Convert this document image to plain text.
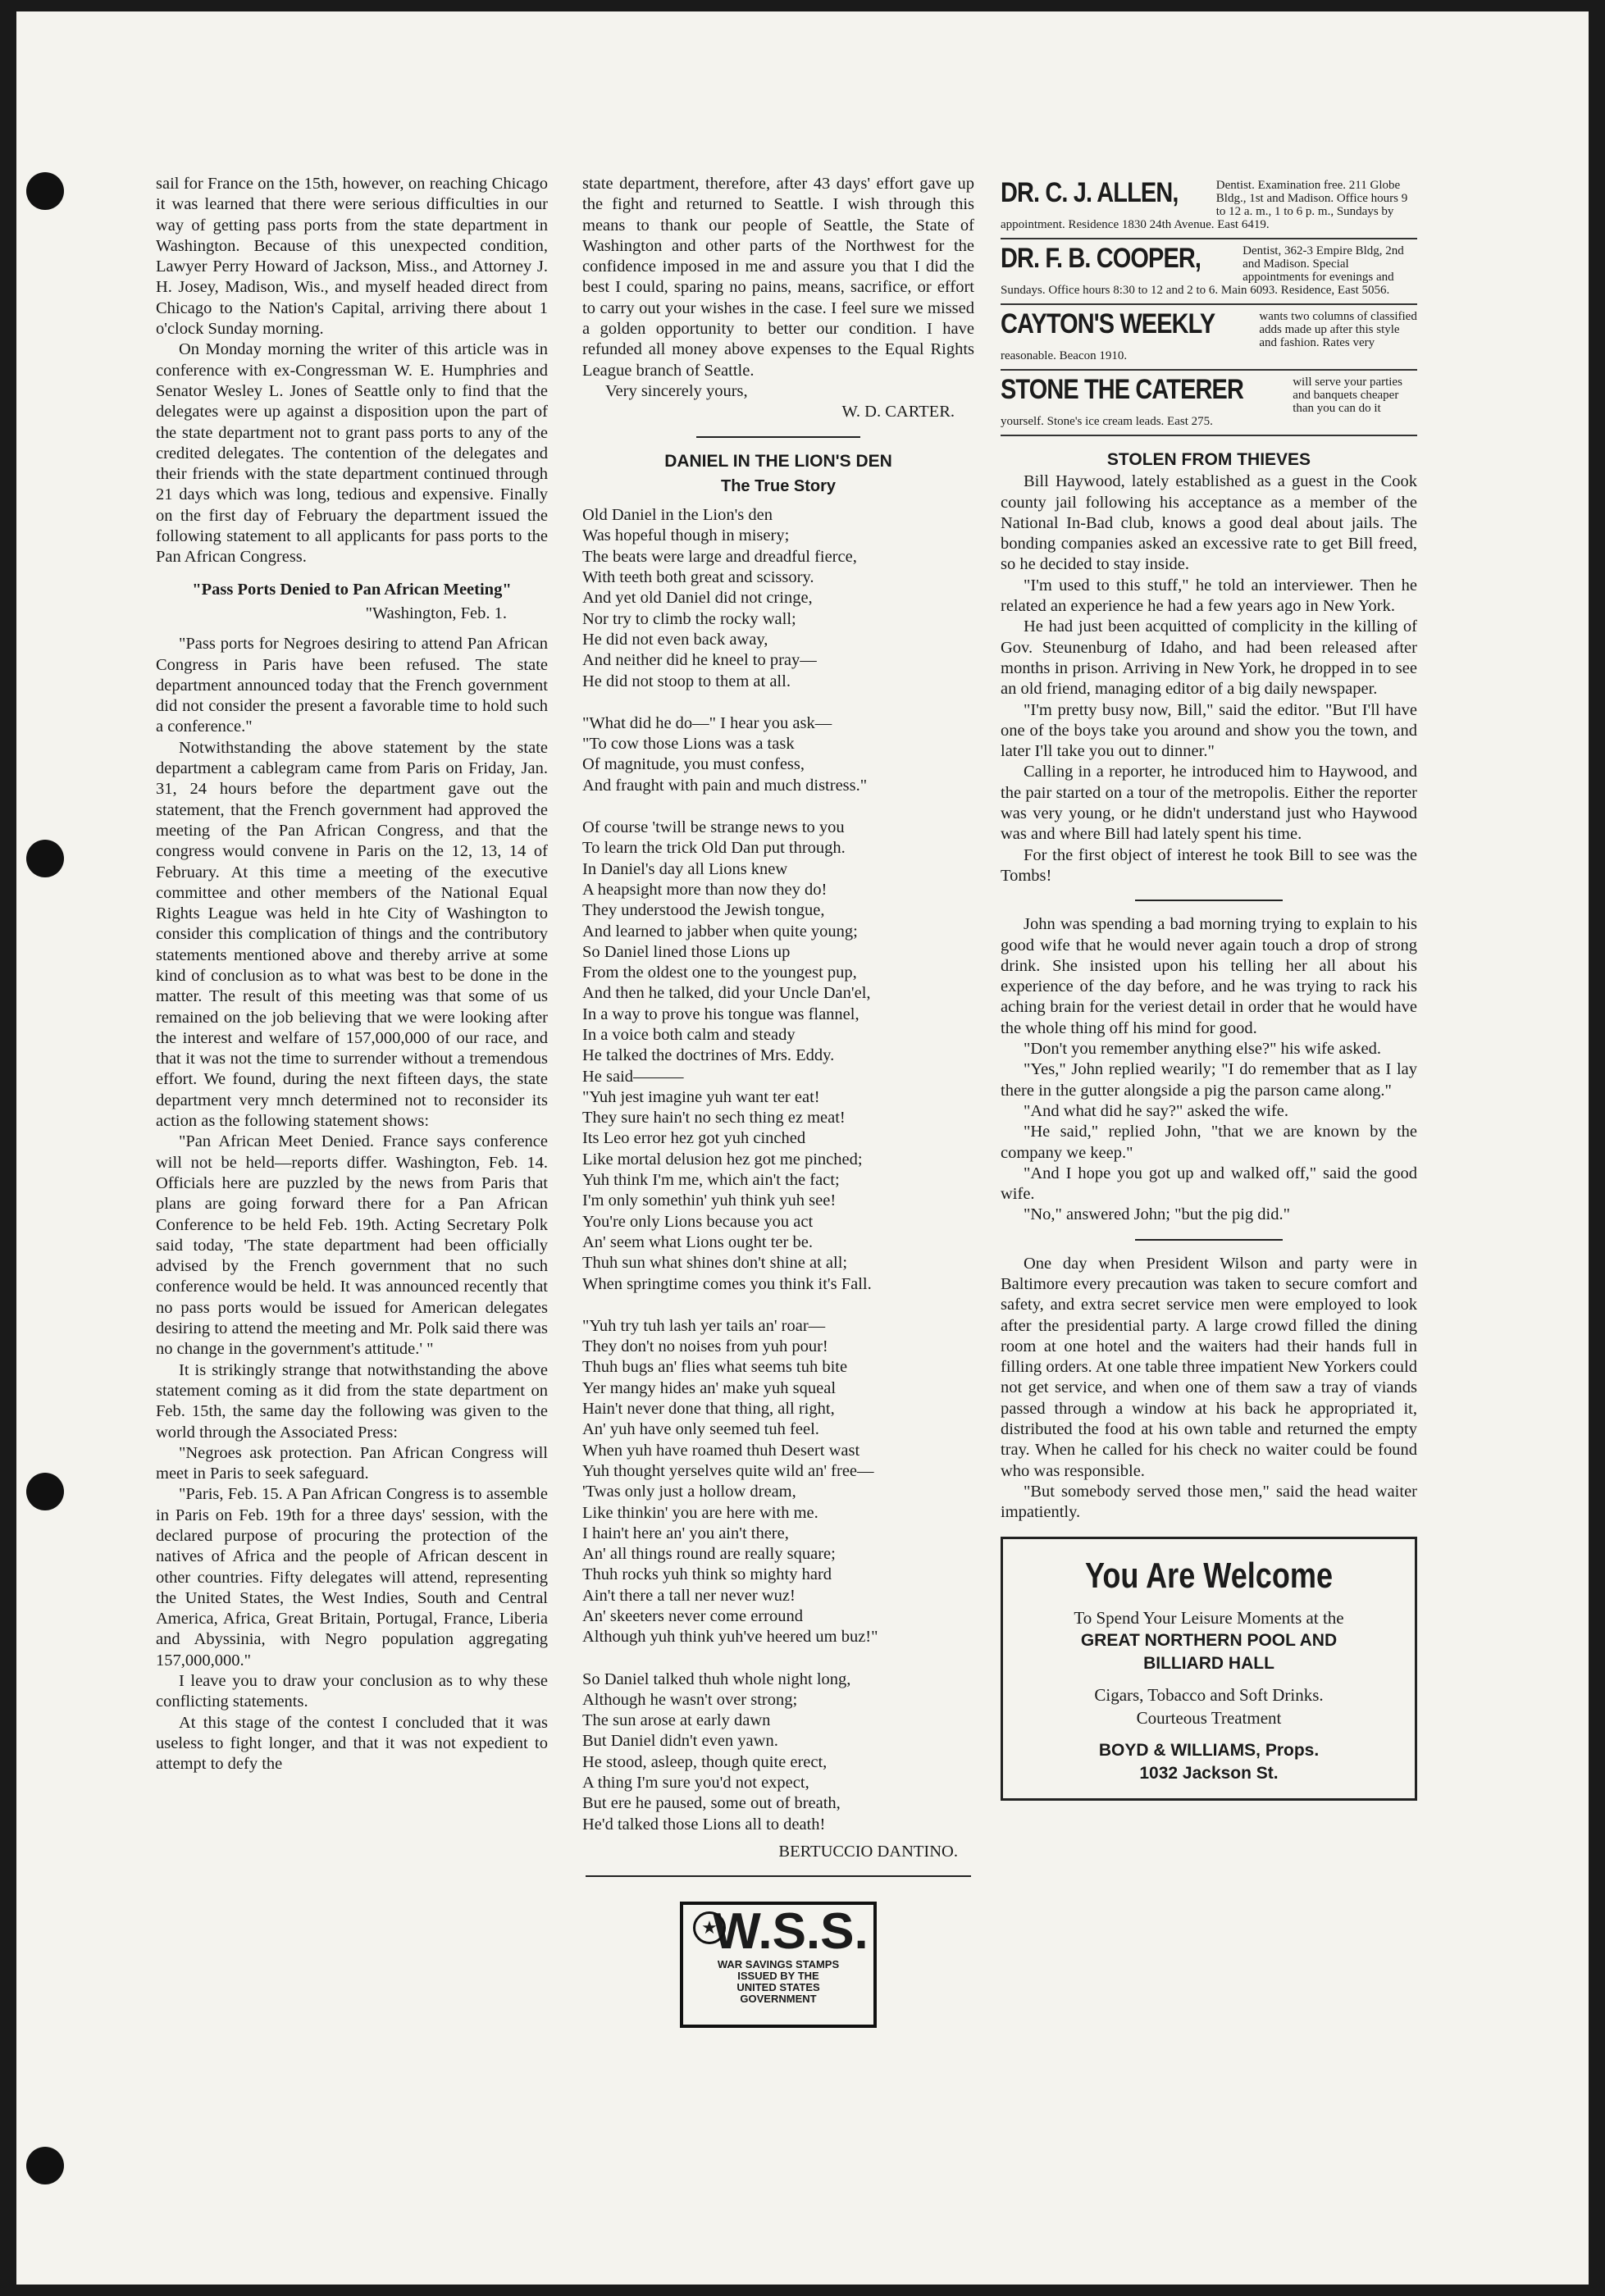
sail for France on the 15th, however, on reaching Chicago it was learned that there were serious difficulties in our way of getting pass ports from the state department in Washington. Because of this unexpected condition, Lawyer Perry Howard of Jackson, Miss., and Attorney J. H. Josey, Madison, Wis., and myself headed direct from Chicago to the Nation's Capital, arriving there about 1 o'clock Sunday morning.

On Monday morning the writer of this article was in conference with ex-Congressman W. E. Humphries and Senator Wesley L. Jones of Seattle only to find that the delegates were up against a disposition upon the part of the state department not to grant pass ports to any of the credited delegates. The contention of the delegates and their friends with the state department continued through 21 days which was long, tedious and expensive. Finally on the first day of February the department issued the following statement to all applicants for pass ports to the Pan African Congress.

"Pass Ports Denied to Pan African Meeting"

"Washington, Feb. 1.

"Pass ports for Negroes desiring to attend Pan African Congress in Paris have been refused. The state department announced today that the French government did not consider the present a favorable time to hold such a conference."

Notwithstanding the above statement by the state department a cablegram came from Paris on Friday, Jan. 31, 24 hours before the department gave out the statement, that the French government had approved the meeting of the Pan African Congress, and that the congress would convene in Paris on the 12, 13, 14 of February. At this time a meeting of the executive committee and other members of the National Equal Rights League was held in hte City of Washington to consider this complication of things and the contributory statements mentioned above and thereby arrive at some kind of conclusion as to what was best to be done in the matter. The result of this meeting was that some of us remained on the job believing that we were looking after the interest and welfare of 157,000,000 of our race, and that it was not the time to surrender without a tremendous effort. We found, during the next fifteen days, the state department very mnch determined not to reconsider its action as the following statement shows:

"Pan African Meet Denied. France says conference will not be held—reports differ. Washington, Feb. 14. Officials here are puzzled by the news from Paris that plans are going forward there for a Pan African Conference to be held Feb. 19th. Acting Secretary Polk said today, 'The state department had been officially advised by the French government that no such conference would be held. It was announced recently that no pass ports would be issued for American delegates desiring to attend the meeting and Mr. Polk said there was no change in the government's attitude.' "

It is strikingly strange that notwithstanding the above statement coming as it did from the state department on Feb. 15th, the same day the following was given to the world through the Associated Press:

"Negroes ask protection. Pan African Congress will meet in Paris to seek safeguard.

"Paris, Feb. 15. A Pan African Congress is to assemble in Paris on Feb. 19th for a three days' session, with the declared purpose of procuring the protection of the natives of Africa and the people of African descent in other countries. Fifty delegates will attend, representing the United States, the West Indies, South and Central America, Africa, Great Britain, Portugal, France, Liberia and Abyssinia, with Negro population aggregating 157,000,000."

I leave you to draw your conclusion as to why these conflicting statements.

At this stage of the contest I concluded that it was useless to fight longer, and that it was not expedient to attempt to defy the

state department, therefore, after 43 days' effort gave up the fight and returned to Seattle. I wish through this means to thank our people of Seattle, the State of Washington and other parts of the Northwest for the confidence imposed in me and assure you that I did the best I could, sparing no pains, means, sacrifice, or effort to carry out your wishes in the case. I feel sure we missed a golden opportunity to better our condition. I have refunded all money above expenses to the Equal Rights League branch of Seattle.

Very sincerely yours,

W. D. CARTER.

DANIEL IN THE LION'S DEN
The True Story
Old Daniel in the Lion's den
Was hopeful though in misery;
The beats were large and dreadful fierce,
With teeth both great and scissory.
And yet old Daniel did not cringe,
Nor try to climb the rocky wall;
He did not even back away,
And neither did he kneel to pray—
He did not stoop to them at all.
"What did he do—" I hear you ask—
"To cow those Lions was a task
Of magnitude, you must confess,
And fraught with pain and much distress."
Of course 'twill be strange news to you
To learn the trick Old Dan put through.
In Daniel's day all Lions knew
A heapsight more than now they do!
They understood the Jewish tongue,
And learned to jabber when quite young;
So Daniel lined those Lions up
From the oldest one to the youngest pup,
And then he talked, did your Uncle Dan'el,
In a way to prove his tongue was flannel,
In a voice both calm and steady
He talked the doctrines of Mrs. Eddy.
He said———
"Yuh jest imagine yuh want ter eat!
They sure hain't no sech thing ez meat!
Its Leo error hez got yuh cinched
Like mortal delusion hez got me pinched;
Yuh think I'm me, which ain't the fact;
I'm only somethin' yuh think yuh see!
You're only Lions because you act
An' seem what Lions ought ter be.
Thuh sun what shines don't shine at all;
When springtime comes you think it's Fall.
"Yuh try tuh lash yer tails an' roar—
They don't no noises from yuh pour!
Thuh bugs an' flies what seems tuh bite
Yer mangy hides an' make yuh squeal
Hain't never done that thing, all right,
An' yuh have only seemed tuh feel.
When yuh have roamed thuh Desert wast
Yuh thought yerselves quite wild an' free—
'Twas only just a hollow dream,
Like thinkin' you are here with me.
I hain't here an' you ain't there,
An' all things round are really square;
Thuh rocks yuh think so mighty hard
Ain't there a tall ner never wuz!
An' skeeters never come erround
Although yuh think yuh've heered um buz!"
So Daniel talked thuh whole night long,
Although he wasn't over strong;
The sun arose at early dawn
But Daniel didn't even yawn.
He stood, asleep, though quite erect,
A thing I'm sure you'd not expect,
But ere he paused, some out of breath,
He'd talked those Lions all to death!

BERTUCCIO DANTINO.

★
W.S.S.
WAR SAVINGS STAMPS
ISSUED BY THE
UNITED STATES
GOVERNMENT
DR. C. J. ALLEN,	Dentist. Examination free. 211 Globe Bldg., 1st and Madison. Office hours 9 to 12 a. m., 1 to 6 p. m., Sundays by appointment. Residence 1830 24th Avenue. East 6419.
DR. F. B. COOPER,	Dentist, 362-3 Empire Bldg, 2nd and Madison. Special appointments for evenings and Sundays. Office hours 8:30 to 12 and 2 to 6. Main 6093. Residence, East 5056.
CAYTON'S WEEKLY	wants two columns of classified adds made up after this style and fashion. Rates very reasonable. Beacon 1910.
STONE THE CATERER	will serve your parties and banquets cheaper than you can do it yourself. Stone's ice cream leads. East 275.
STOLEN FROM THIEVES

Bill Haywood, lately established as a guest in the Cook county jail following his acceptance as a member of the National In-Bad club, knows a good deal about jails. The bonding companies asked an excessive rate to get Bill freed, so he decided to stay inside.

"I'm used to this stuff," he told an interviewer. Then he related an experience he had a few years ago in New York.

He had just been acquitted of complicity in the killing of Gov. Steunenburg of Idaho, and had been released after months in prison. Arriving in New York, he dropped in to see an old friend, managing editor of a big daily newspaper.

"I'm pretty busy now, Bill," said the editor. "But I'll have one of the boys take you around and show you the town, and later I'll take you out to dinner."

Calling in a reporter, he introduced him to Haywood, and the pair started on a tour of the metropolis. Either the reporter was very young, or he didn't understand just who Haywood was and where Bill had lately spent his time.

For the first object of interest he took Bill to see was the Tombs!

John was spending a bad morning trying to explain to his good wife that he would never again touch a drop of strong drink. She insisted upon his telling her all about his experience of the day before, and he was trying to rack his aching brain for the veriest detail in order that he would have the whole thing off his mind for good.

"Don't you remember anything else?" his wife asked.

"Yes," John replied wearily; "I do remember that as I lay there in the gutter alongside a pig the parson came along."

"And what did he say?" asked the wife.

"He said," replied John, "that we are known by the company we keep."

"And I hope you got up and walked off," said the good wife.

"No," answered John; "but the pig did."

One day when President Wilson and party were in Baltimore every precaution was taken to secure comfort and safety, and extra secret service men were employed to look after the presidential party. A large crowd filled the dining room at one hotel and the waiters had their hands full in filling orders. At one table three impatient New Yorkers could not get service, and when one of them saw a tray of viands passed through a window at his back he appropriated it, distributed the food at his own table and returned the empty tray. When he called for his check no waiter could be found who was responsible.

"But somebody served those men," said the head waiter impatiently.

You Are Welcome
To Spend Your Leisure Moments at the
GREAT NORTHERN POOL AND
BILLIARD HALL
Cigars, Tobacco and Soft Drinks.
Courteous Treatment
BOYD & WILLIAMS, Props.
1032 Jackson St.
